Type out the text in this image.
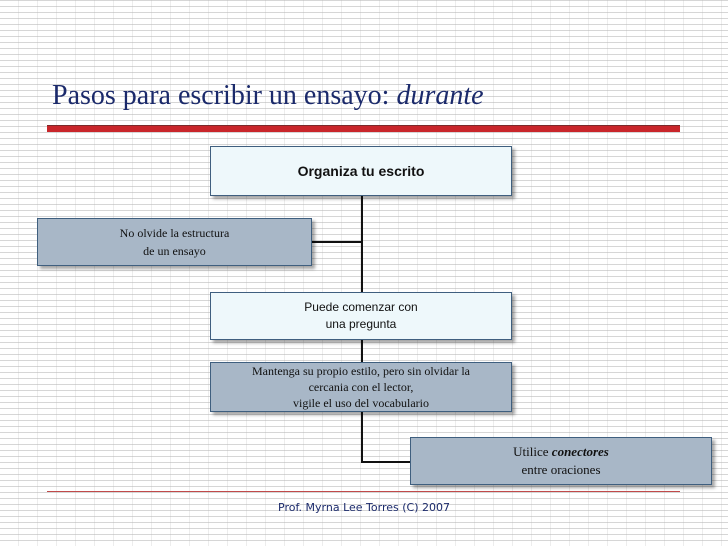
Pasos para escribir un ensayo: durante
Organiza tu escrito
No olvide la estructura
de un ensayo
Puede comenzar con
una pregunta
Mantenga su propio estilo, pero sin olvidar la
cercania con el lector,
vigile el uso del vocabulario
Utilice conectores
entre oraciones
Prof. Myrna Lee Torres (C) 2007
